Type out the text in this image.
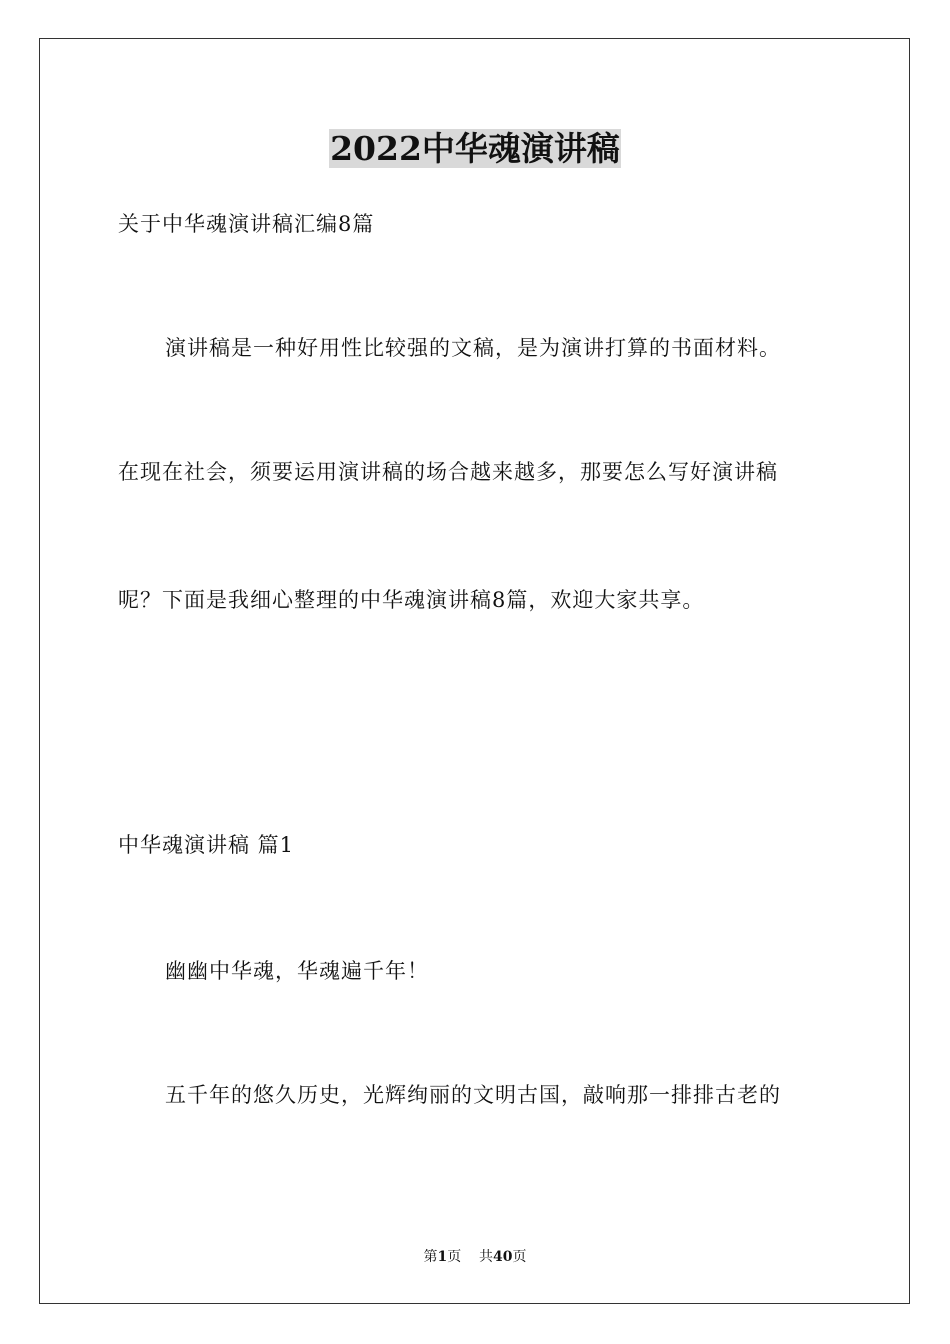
2022中华魂演讲稿
关于中华魂演讲稿汇编8篇
演讲稿是一种好用性比较强的文稿，是为演讲打算的书面材料。
在现在社会，须要运用演讲稿的场合越来越多，那要怎么写好演讲稿
呢？下面是我细心整理的中华魂演讲稿8篇，欢迎大家共享。
中华魂演讲稿 篇1
幽幽中华魂，华魂遍千年！
五千年的悠久历史，光辉绚丽的文明古国，敲响那一排排古老的
第1页 共40页
